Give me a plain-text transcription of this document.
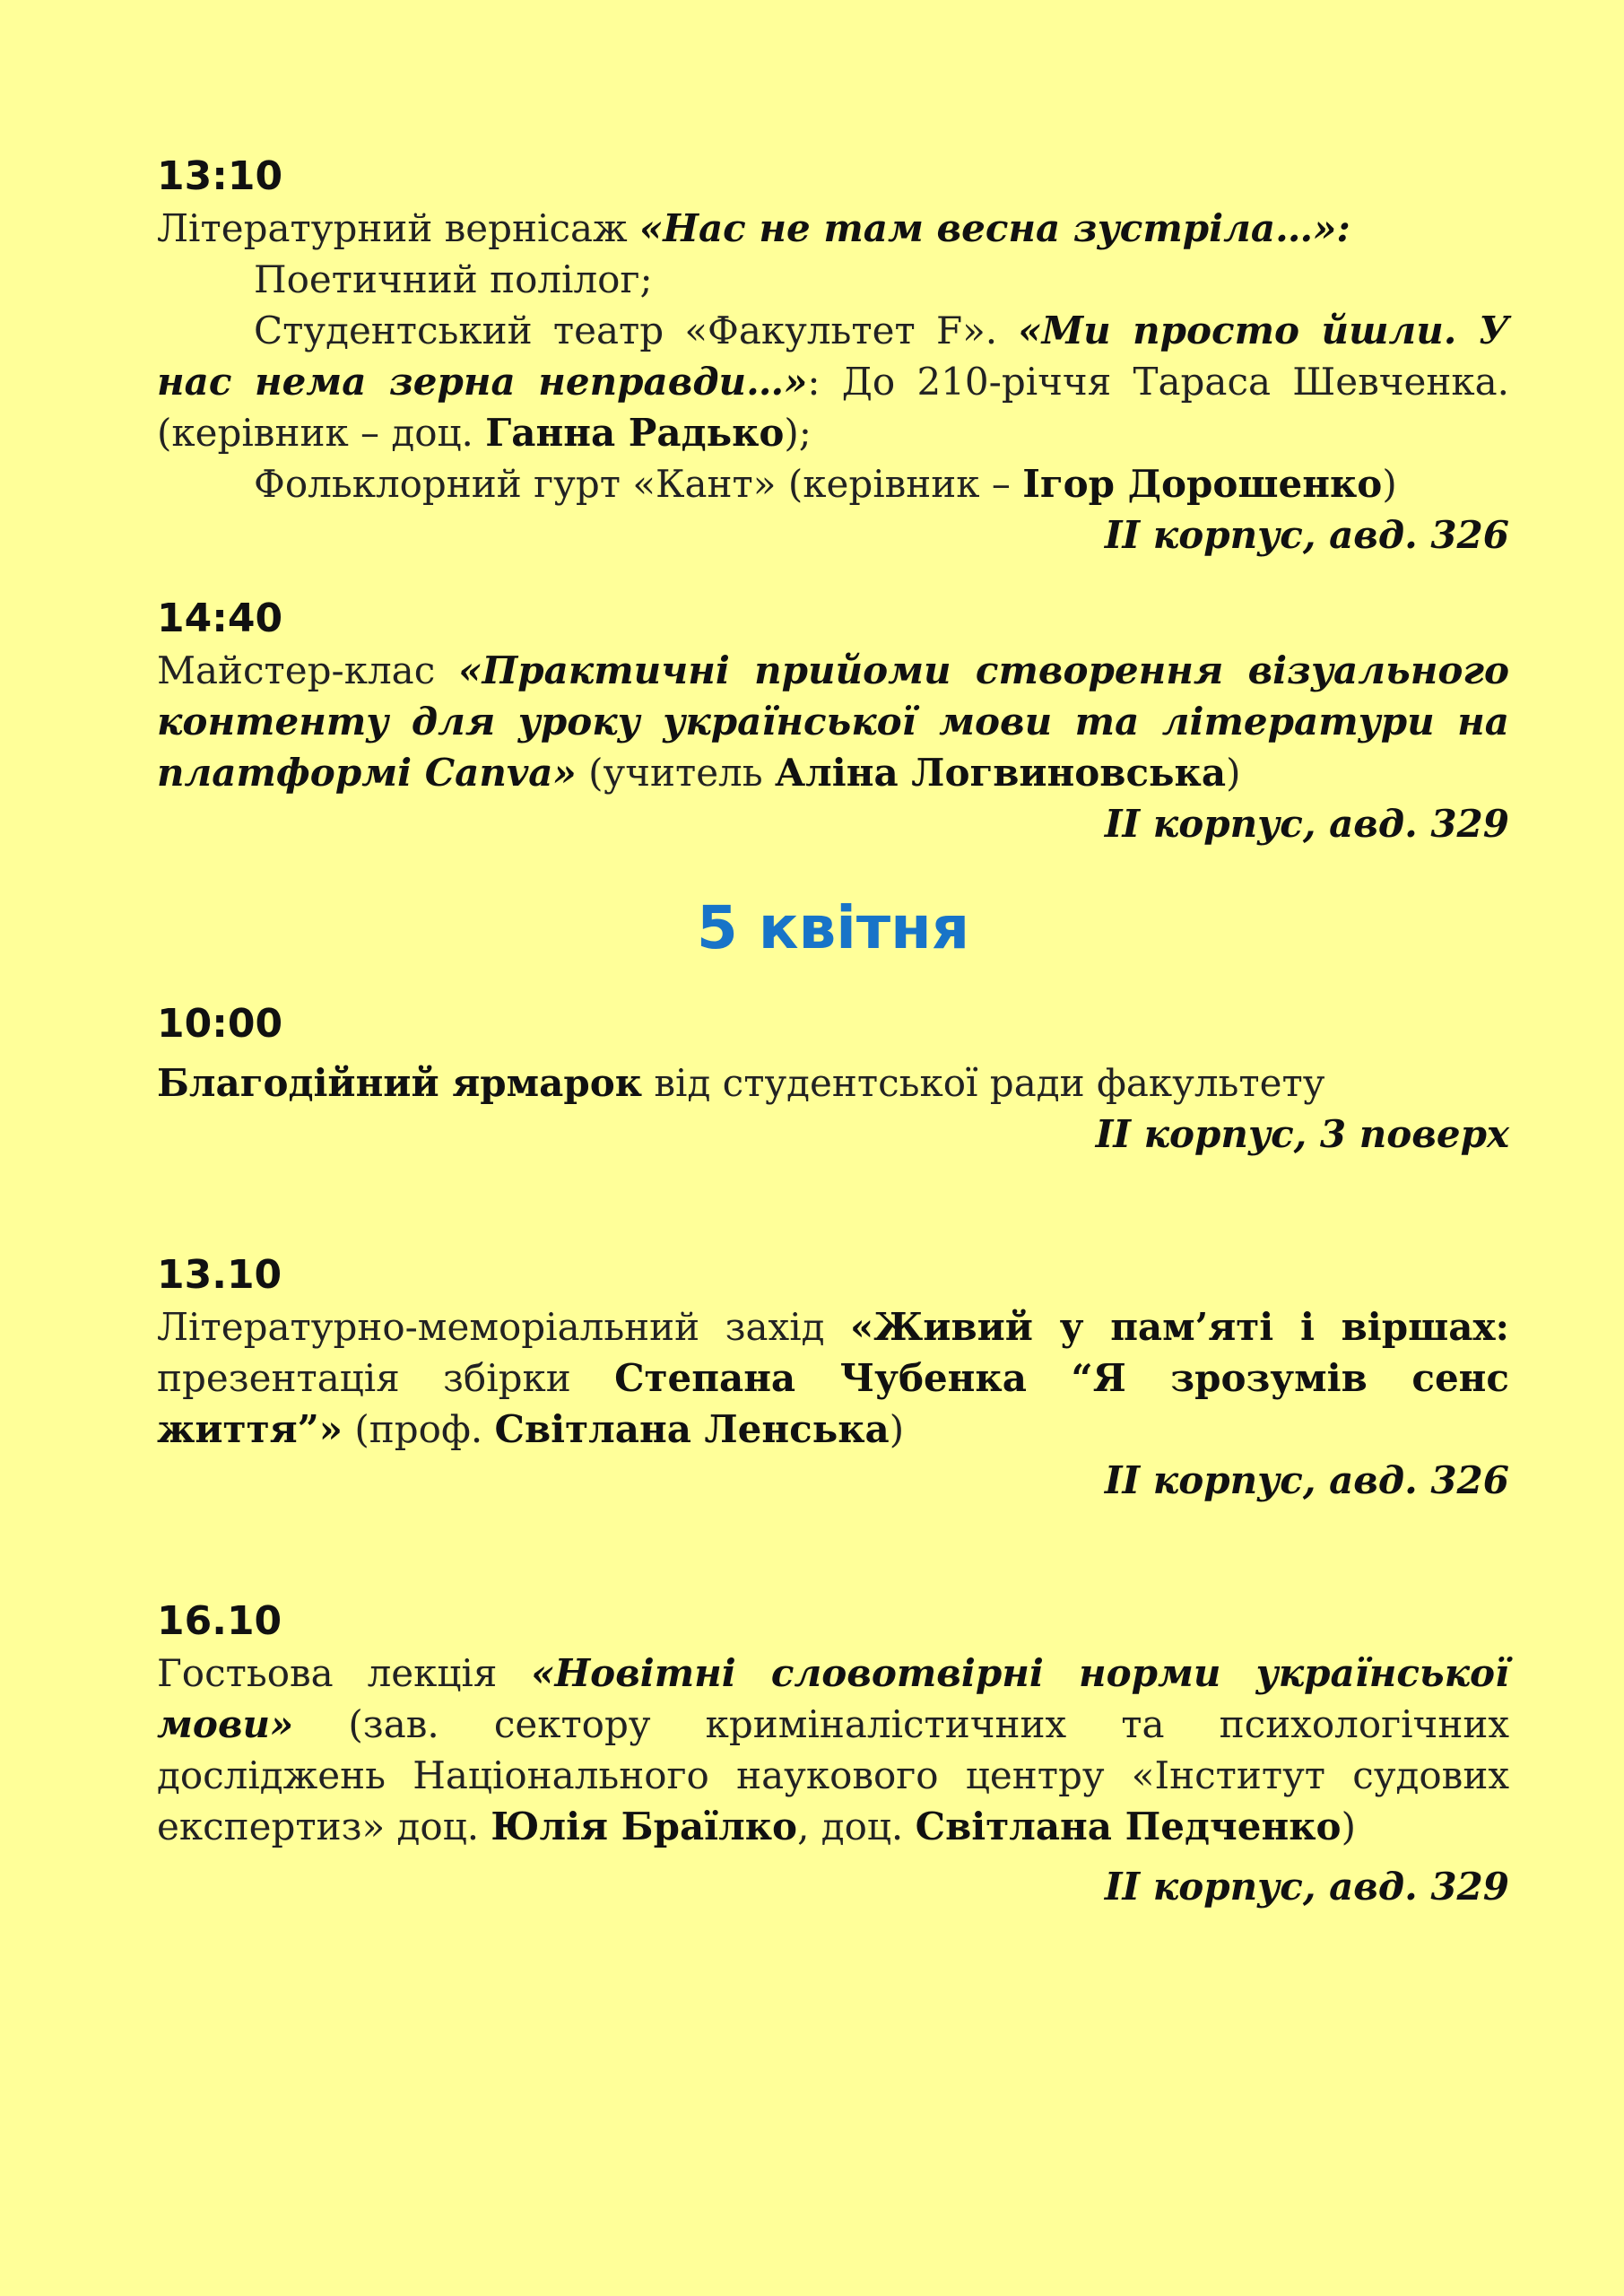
13:10

Літературний вернісаж «Нас не там весна зустріла…»:

Поетичний полілог;

Студентський театр «Факультет F». «Ми просто йшли. У нас нема зерна неправди…»: До 210-річчя Тараса Шевченка. (керівник – доц. Ганна Радько);

Фольклорний гурт «Кант» (керівник – Ігор Дорошенко)

ІІ корпус, авд. 326
14:40

Майстер-клас «Практичні прийоми створення візуального контенту для уроку української мови та літератури на платформі Canva» (учитель Аліна Логвиновська)

ІІ корпус, авд. 329
5 квітня
10:00

Благодійний ярмарок від студентської ради факультету

ІІ корпус, 3 поверх
13.10

Літературно-меморіальний захід «Живий у пам’яті і віршах: презентація збірки Степана Чубенка “Я зрозумів сенс життя”» (проф. Світлана Ленська)

ІІ корпус, авд. 326
16.10

Гостьова лекція «Новітні словотвірні норми української мови» (зав. сектору криміналістичних та психологічних досліджень Національного наукового центру «Інститут судових експертиз» доц. Юлія Браїлко, доц. Світлана Педченко)

ІІ корпус, авд. 329
